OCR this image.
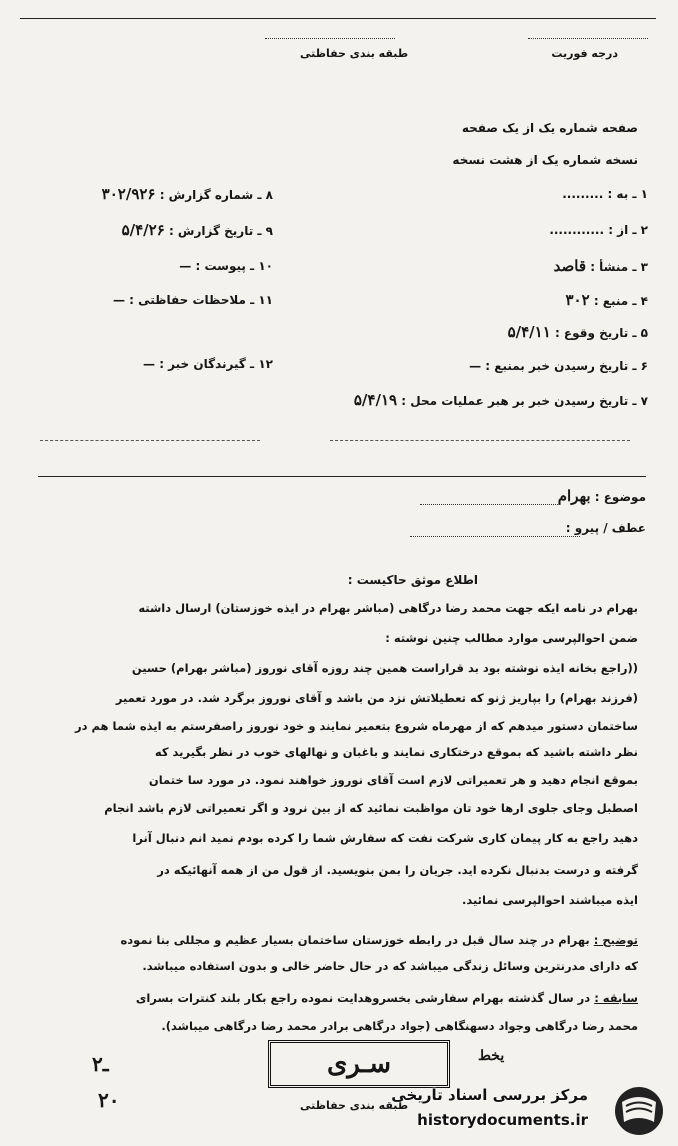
درجه فوریت
طبقه بندی حفاظتی
صفحه شماره یک از یک صفحه
نسخه شماره یک از هشت نسخه
۱ ـ به : .........
۲ ـ از : ............
۳ ـ منشأ : قاصد
۴ ـ منبع : ۳۰۲
۵ ـ تاریخ وقوع : ۵/۴/۱۱
۶ ـ تاریخ رسیدن خبر بمنبع : —
۷ ـ تاریخ رسیدن خبر بر هبر عملیات محل : ۵/۴/۱۹
۸ ـ شماره گزارش : ۳۰۲/۹۲۶
۹ ـ تاریخ گزارش : ۵/۴/۲۶
۱۰ ـ پیوست : —
۱۱ ـ ملاحظات حفاظتی : —
۱۲ ـ گیرندگان خبر : —
موضوع : بهرام
عطف / پیرو :
اطلاع موثق حاکیست :
بهرام در نامه ایکه جهت محمد رضا درگاهی (مباشر بهرام در ایذه خوزستان) ارسال داشته
ضمن احوالپرسی موارد مطالب چنین نوشته :
((راجع بخانه ایذه نوشته بود بد قراراست همین چند روزه آقای نوروز (مباشر بهرام) حسین
(فرزند بهرام) را بپاریز ژنو که تعطیلاتش نزد من باشد و آقای نوروز برگرد شد. در مورد تعمیر
ساختمان دستور میدهم که از مهرماه شروع بتعمیر نمایند و خود نوروز راصفرستم به ایذه شما هم در
نظر داشته باشید که بموقع درختکاری نمایند و باغبان و نهالهای خوب در نظر بگیرید که
بموقع انجام دهید و هر تعمیراتی لازم است آقای نوروز خواهند نمود. در مورد سا ختمان
اصطبل وجای جلوی ارها خود تان مواظبت نمائید که از بین نرود و اگر تعمیراتی لازم باشد انجام
دهید راجع به کار پیمان کاری شرکت نفت که سفارش شما را کرده بودم نمید انم دنبال آنرا
گرفته و درست بدنبال نکرده اید. جریان را بمن بنویسید. از قول من از همه آنهائیکه در
ایذه میباشند احوالپرسی نمائید.
توضیح : بهرام در چند سال قبل در رابطه خوزستان ساختمان بسیار عظیم و مجللی بنا نموده
که دارای مدرنترین وسائل زندگی میباشد که در حال حاضر خالی و بدون استفاده میباشد.
سابقه : در سال گذشته بهرام سفارشی بخسروهدایت نموده راجع بکار بلند کنترات بسرای
محمد رضا درگاهی وجواد دسهنگاهی (جواد درگاهی برادر محمد رضا درگاهی میباشد).
سـری	یخط
۲ـ
۲۰	طبقه بندی حفاظتی
مرکز بررسی اسناد تاریخی
historydocuments.ir
